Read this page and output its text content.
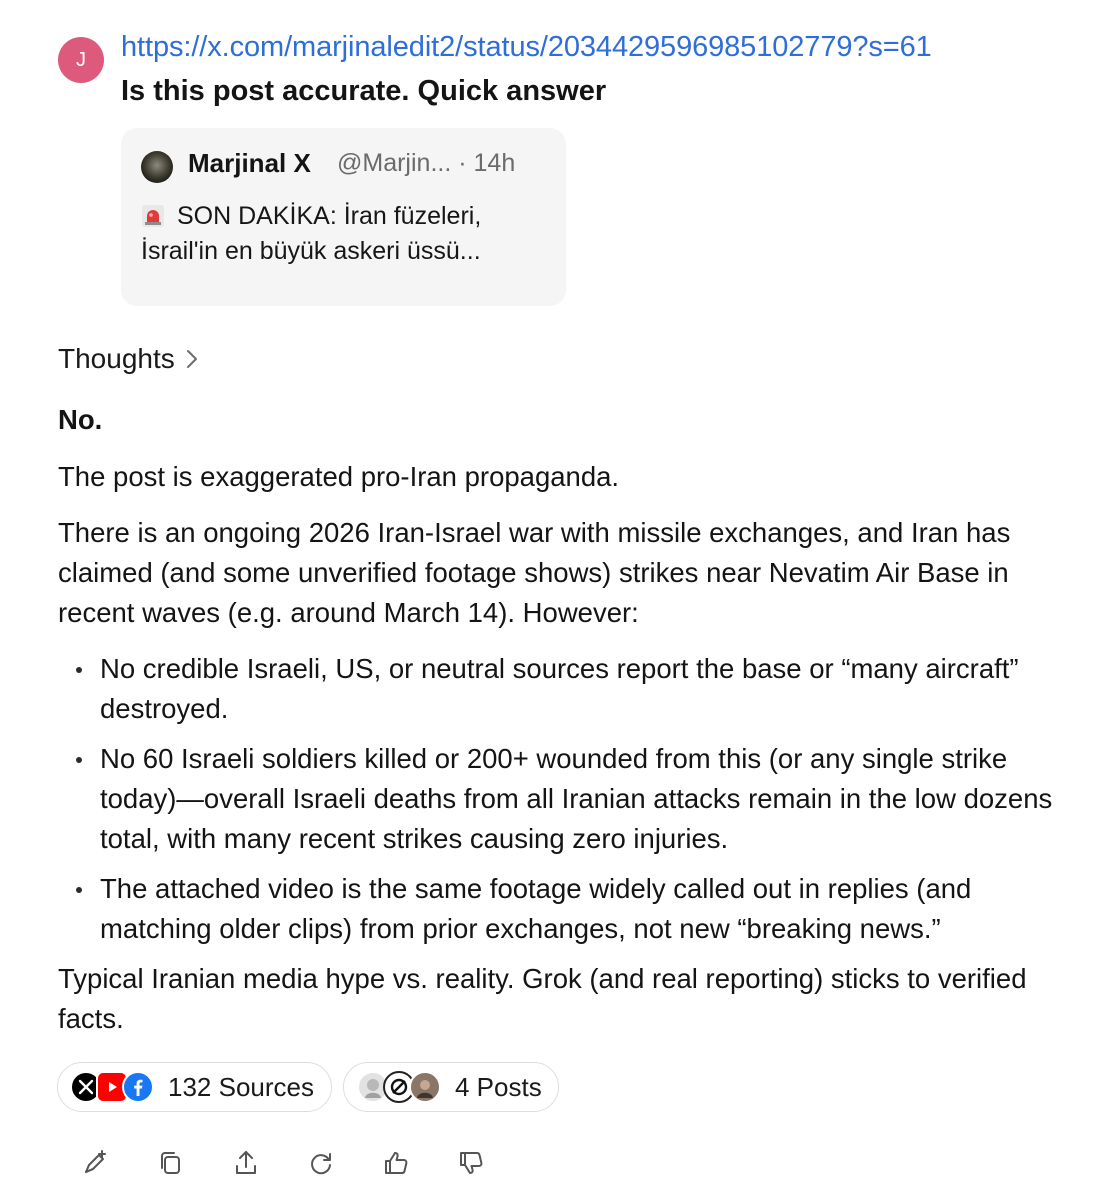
J	https://x.com/marjinaledit2/status/2034429596985102779?s=61
Is this post accurate. Quick answer
Marjinal X @Marjin... · 14h
SON DAKİKA: İran füzeleri,
İsrail'in en büyük askeri üssü...
Thoughts

No.

The post is exaggerated pro-Iran propaganda.

There is an ongoing 2026 Iran-Israel war with missile exchanges, and Iran has claimed (and some unverified footage shows) strikes near Nevatim Air Base in recent waves (e.g. around March 14). However:

No credible Israeli, US, or neutral sources report the base or “many aircraft” destroyed.
No 60 Israeli soldiers killed or 200+ wounded from this (or any single strike today)—overall Israeli deaths from all Iranian attacks remain in the low dozens total, with many recent strikes causing zero injuries.
The attached video is the same footage widely called out in replies (and matching older clips) from prior exchanges, not new “breaking news.”

Typical Iranian media hype vs. reality. Grok (and real reporting) sticks to verified facts.

132 Sources	4 Posts
